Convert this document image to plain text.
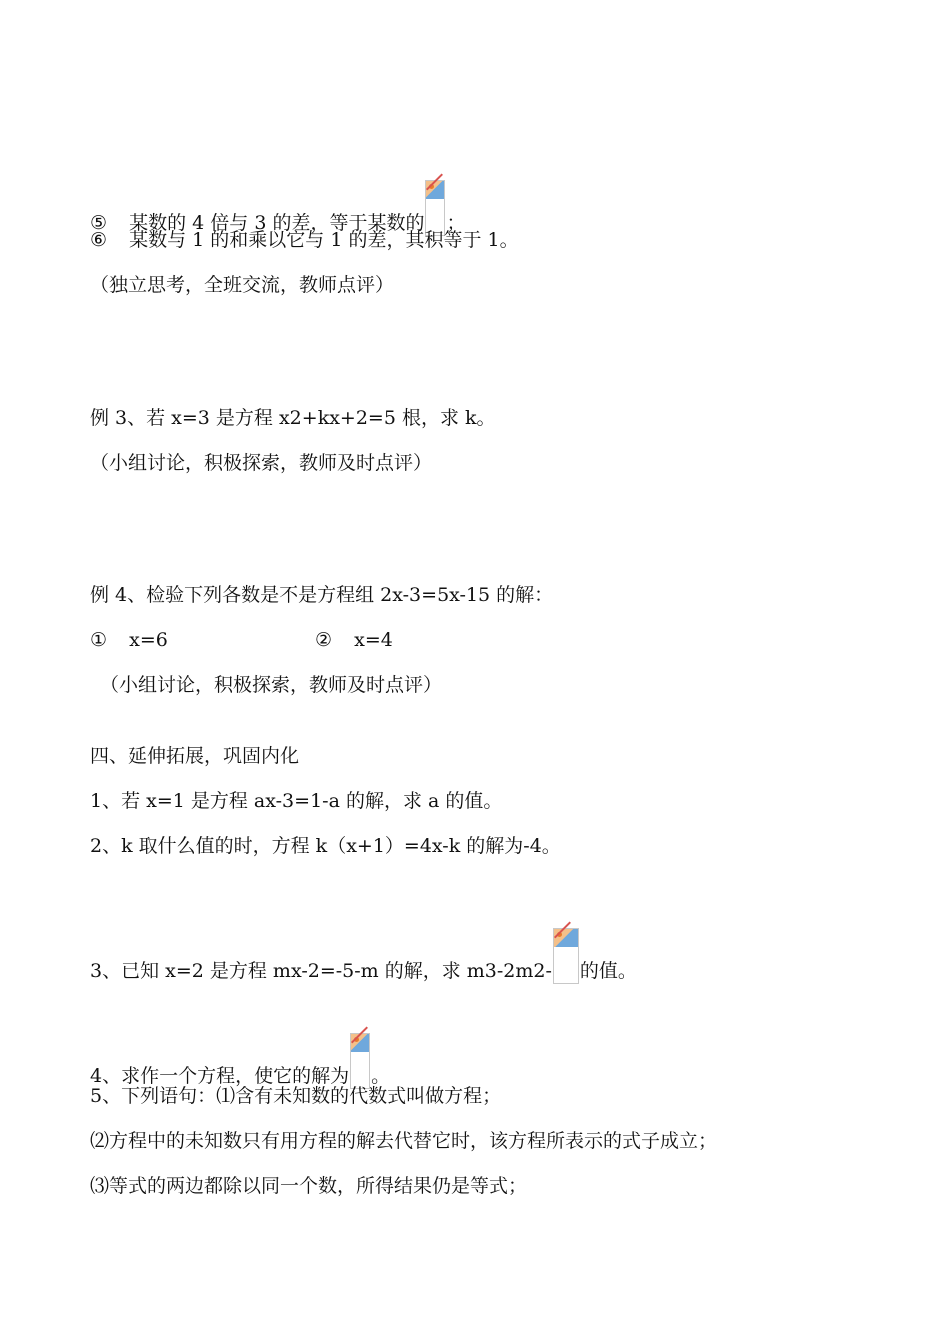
⑤ 某数的 4 倍与 3 的差，等于某数的 ；
⑥ 某数与 1 的和乘以它与 1 的差，其积等于 1。
（独立思考，全班交流，教师点评）
例 3、若 x=3 是方程 x2+kx+2=5 根，求 k。
（小组讨论，积极探索，教师及时点评）
例 4、检验下列各数是不是方程组 2x-3=5x-15 的解：
① x=6	② x=4
（小组讨论，积极探索，教师及时点评）
四、延伸拓展，巩固内化
1、若 x=1 是方程 ax-3=1-a 的解，求 a 的值。
2、k 取什么值的时，方程 k（x+1）=4x-k 的解为-4。
3、已知 x=2 是方程 mx-2=-5-m 的解，求 m3-2m2- 的值。
4、求作一个方程，使它的解为 。
5、下列语句：⑴含有未知数的代数式叫做方程；
⑵方程中的未知数只有用方程的解去代替它时，该方程所表示的式子成立；
⑶等式的两边都除以同一个数，所得结果仍是等式；
